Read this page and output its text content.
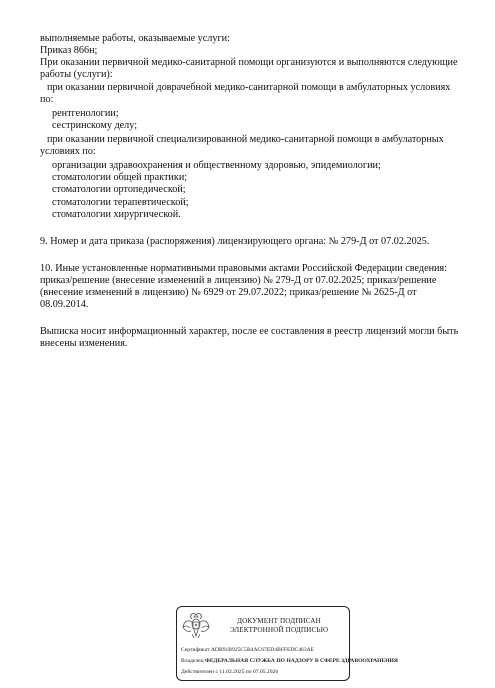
выполняемые работы, оказываемые услуги:
Приказ 866н;
При оказании первичной медико-санитарной помощи организуются и выполняются следующие
работы (услуги):
при оказании первичной доврачебной медико-санитарной помощи в амбулаторных условиях
по:
рентгенологии;
сестринскому делу;
при оказании первичной специализированной медико-санитарной помощи в амбулаторных
условиях по:
организации здравоохранения и общественному здоровью, эпидемиологии;
стоматологии общей практики;
стоматологии ортопедической;
стоматологии терапевтической;
стоматологии хирургической.
9. Номер и дата приказа (распоряжения) лицензирующего органа: № 279-Д от 07.02.2025.
10. Иные установленные нормативными правовыми актами Российской Федерации сведения:
приказ/решение (внесение изменений в лицензию) № 279-Д от 07.02.2025; приказ/решение
(внесение изменений в лицензию) № 6929 от 29.07.2022; приказ/решение № 2625-Д от
08.09.2014.
Выписка носит информационный характер, после ее составления в реестр лицензий могли быть
внесены изменения.
ДОКУМЕНТ ПОДПИСАН
ЭЛЕКТРОННОЙ ПОДПИСЬЮ
Сертификат ADB91B925C5B4AC67ED4BFFEDC463AE
Владелец ФЕДЕРАЛЬНАЯ СЛУЖБА ПО НАДЗОРУ В СФЕРЕ ЗДРАВООХРАНЕНИЯ
Действителен с 11.02.2025 по 07.05.2026
